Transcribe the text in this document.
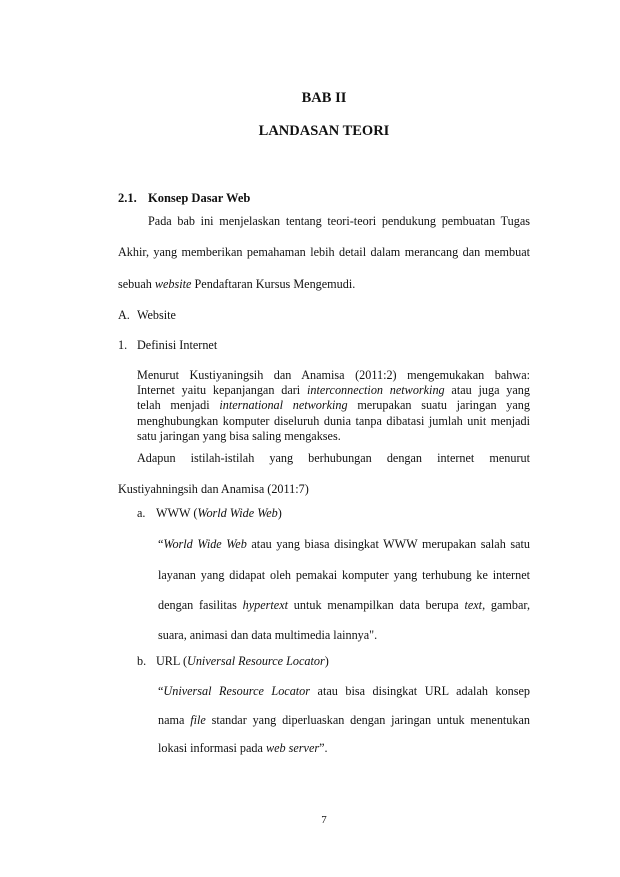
BAB II
LANDASAN TEORI
2.1. Konsep Dasar Web
Pada bab ini menjelaskan tentang teori-teori pendukung pembuatan Tugas
Akhir, yang memberikan pemahaman lebih detail dalam merancang dan membuat
sebuah website Pendaftaran Kursus Mengemudi.
A. Website
1. Definisi Internet
Menurut Kustiyaningsih dan Anamisa (2011:2) mengemukakan bahwa:
Internet yaitu kepanjangan dari interconnection networking atau juga yang
telah menjadi international networking merupakan suatu jaringan yang
menghubungkan komputer diseluruh dunia tanpa dibatasi jumlah unit menjadi
satu jaringan yang bisa saling mengakses.
Adapun istilah-istilah yang berhubungan dengan internet menurut
Kustiyahningsih dan Anamisa (2011:7)
a. WWW (World Wide Web)
“World Wide Web atau yang biasa disingkat WWW merupakan salah satu
layanan yang didapat oleh pemakai komputer yang terhubung ke internet
dengan fasilitas hypertext untuk menampilkan data berupa text, gambar,
suara, animasi dan data multimedia lainnya".
b. URL (Universal Resource Locator)
“Universal Resource Locator atau bisa disingkat URL adalah konsep
nama file standar yang diperluaskan dengan jaringan untuk menentukan
lokasi informasi pada web server”.
7
